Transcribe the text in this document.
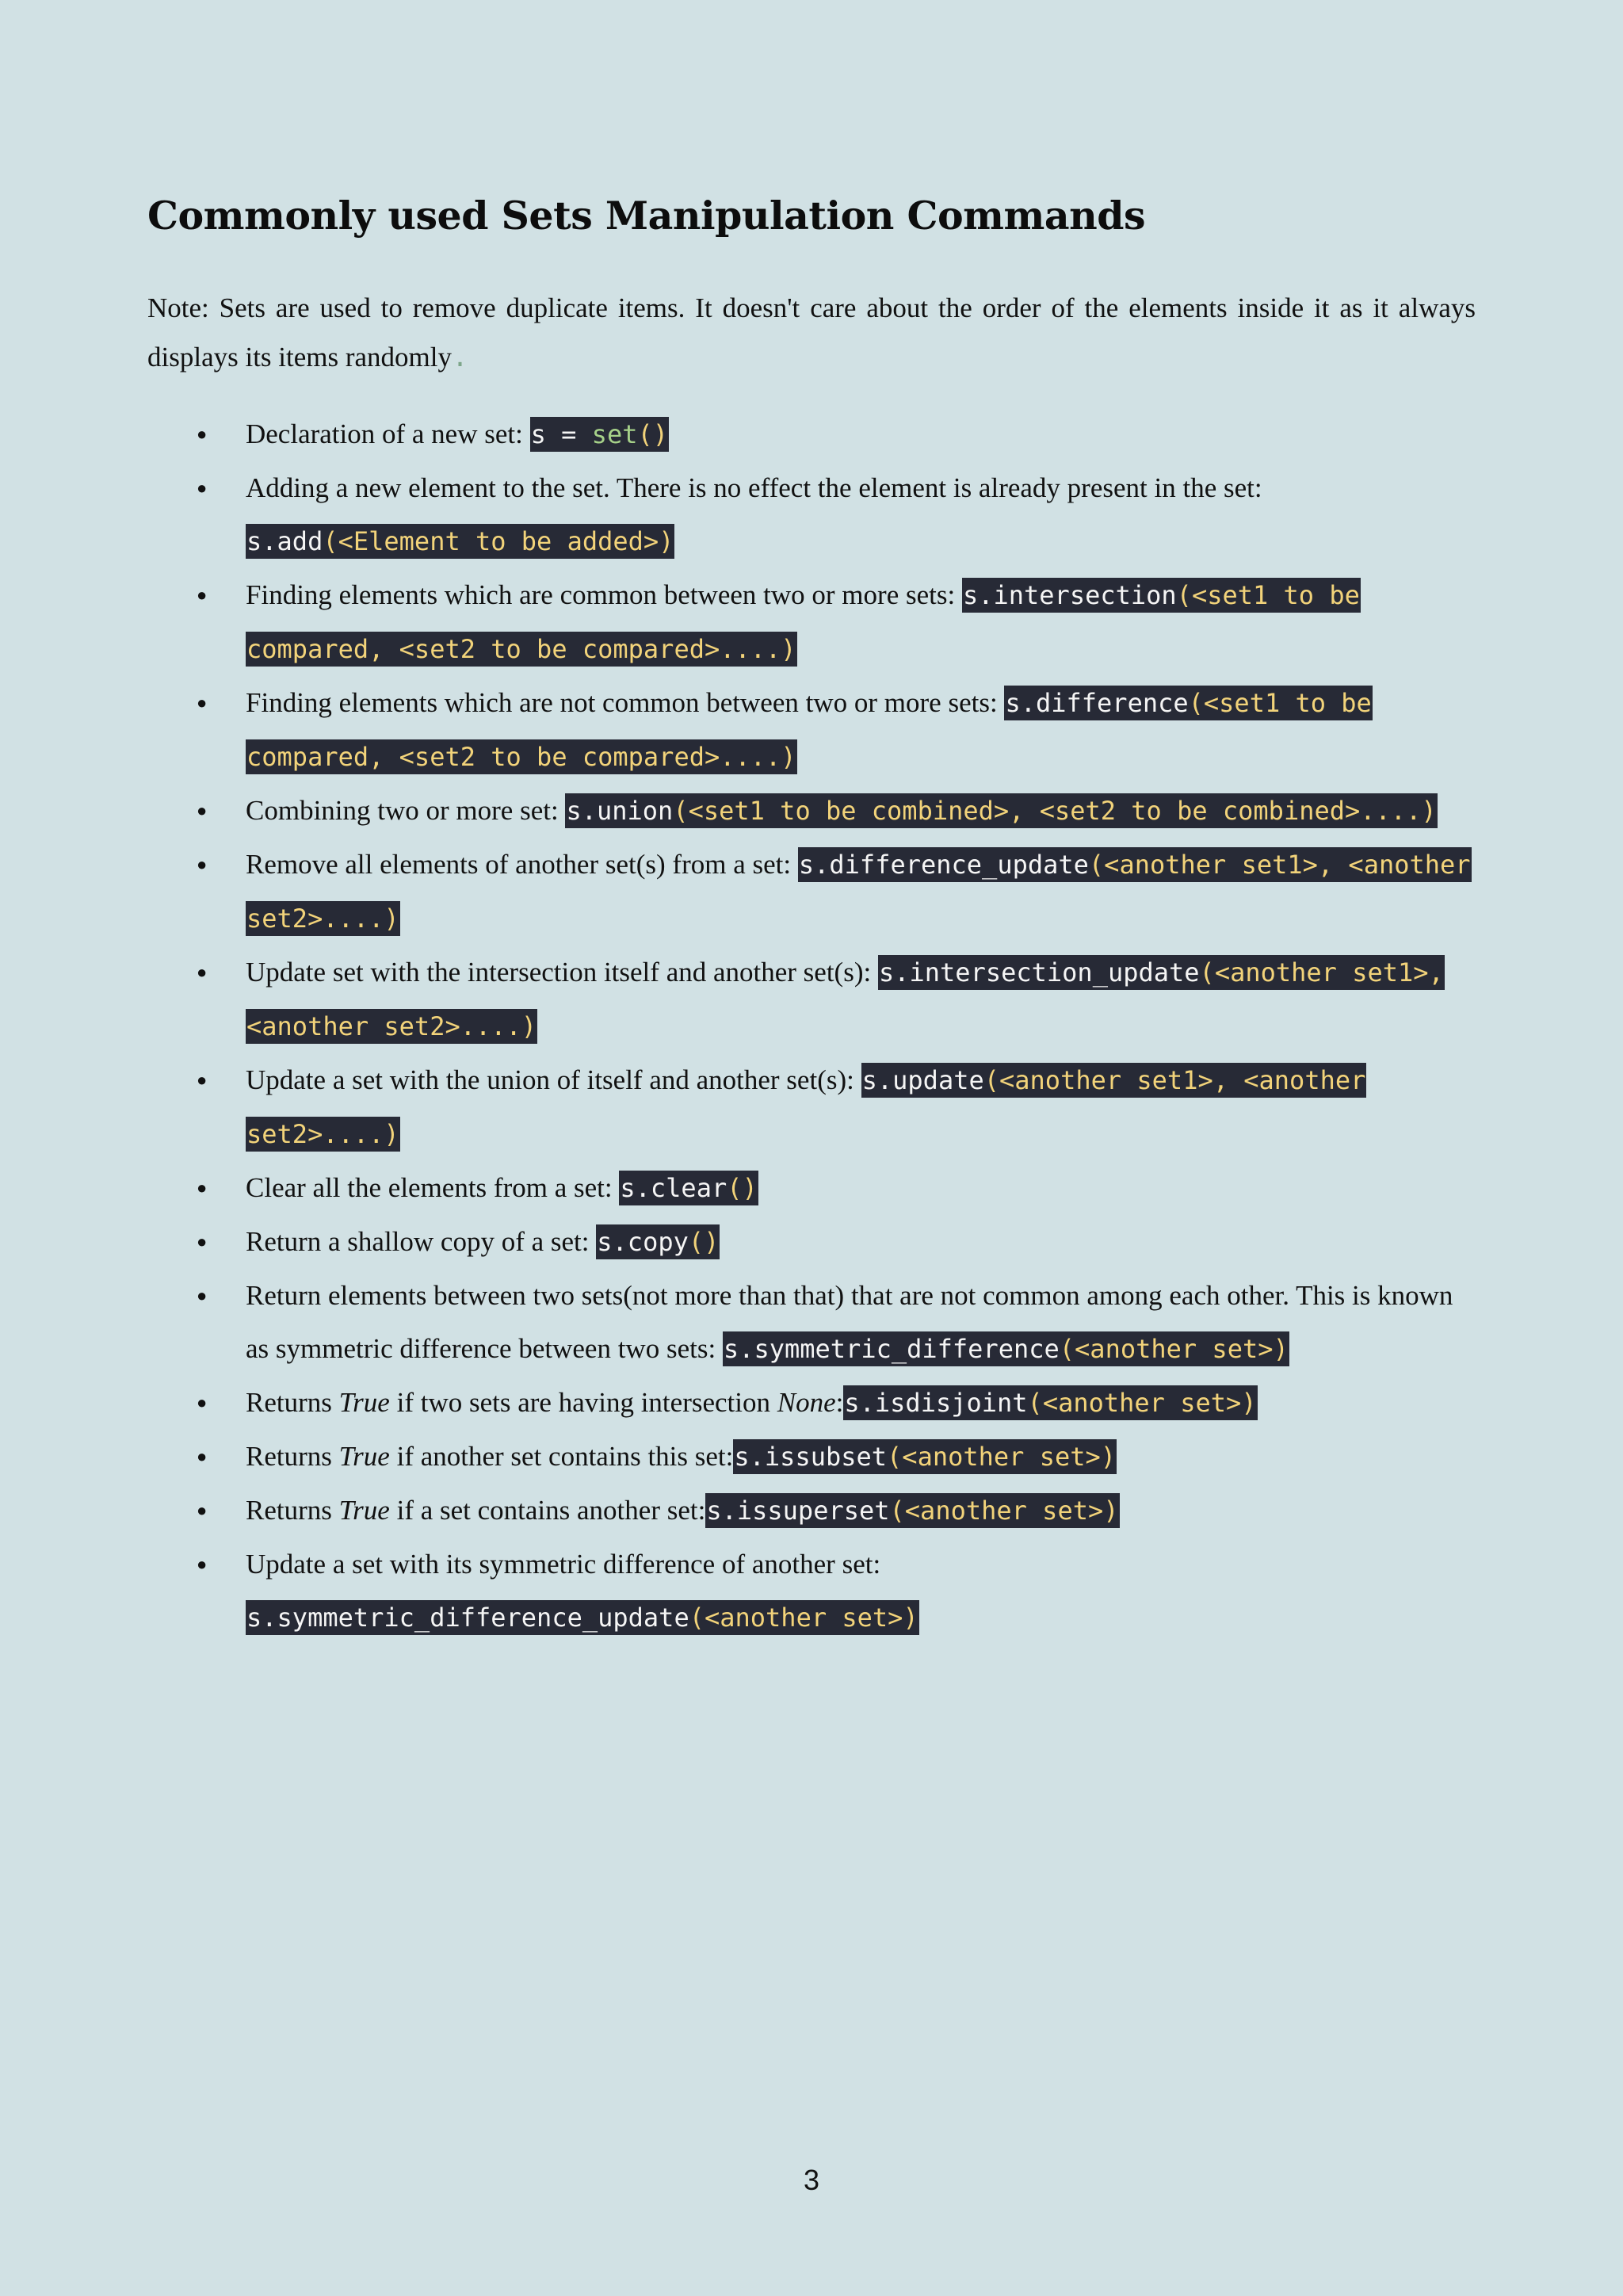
Commonly used Sets Manipulation Commands

Note: Sets are used to remove duplicate items. It doesn't care about the order of the elements inside it as it always displays its items randomly.

● Declaration of a new set: s = set()
● Adding a new element to the set. There is no effect the element is already present in the set:
s.add(<Element to be added>)
● Finding elements which are common between two or more sets: s.intersection(<set1 to be compared, <set2 to be compared>....)
● Finding elements which are not common between two or more sets: s.difference(<set1 to be compared, <set2 to be compared>....)
● Combining two or more set: s.union(<set1 to be combined>, <set2 to be combined>....)
● Remove all elements of another set(s) from a set: s.difference_update(<another set1>, <another set2>....)
● Update set with the intersection itself and another set(s): s.intersection_update(<another set1>, <another set2>....)
● Update a set with the union of itself and another set(s): s.update(<another set1>, <another set2>....)
● Clear all the elements from a set: s.clear()
● Return a shallow copy of a set: s.copy()
● Return elements between two sets(not more than that) that are not common among each other. This is known as symmetric difference between two sets: s.symmetric_difference(<another set>)
● Returns True if two sets are having intersection None:s.isdisjoint(<another set>)
● Returns True if another set contains this set:s.issubset(<another set>)
● Returns True if a set contains another set:s.issuperset(<another set>)
● Update a set with its symmetric difference of another set:
s.symmetric_difference_update(<another set>)
3
